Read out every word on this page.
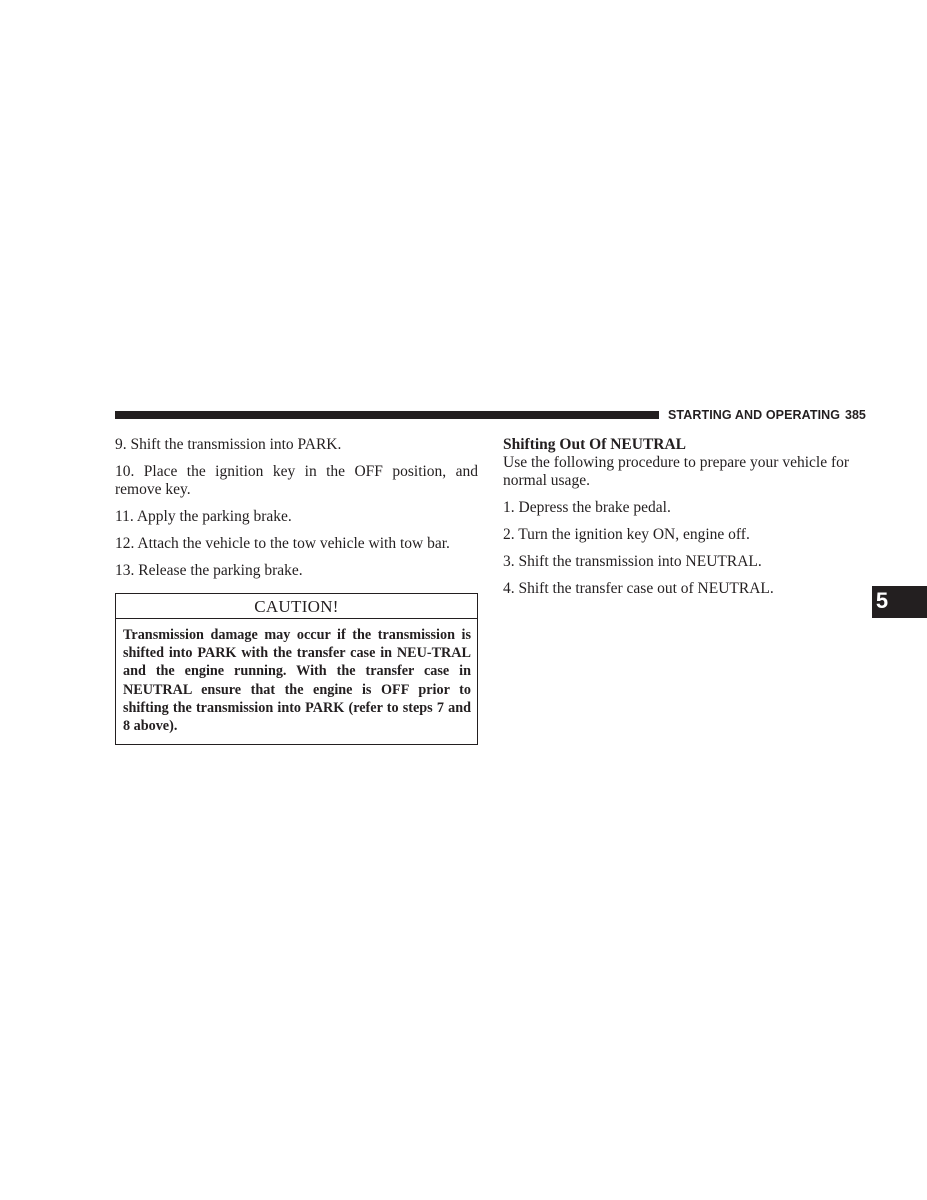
STARTING AND OPERATING 385

9. Shift the transmission into PARK.

10. Place the ignition key in the OFF position, and remove key.

11. Apply the parking brake.

12. Attach the vehicle to the tow vehicle with tow bar.

13. Release the parking brake.

CAUTION!
Transmission damage may occur if the transmission is shifted into PARK with the transfer case in NEU-TRAL and the engine running. With the transfer case in NEUTRAL ensure that the engine is OFF prior to shifting the transmission into PARK (refer to steps 7 and 8 above).

Shifting Out Of NEUTRAL

Use the following procedure to prepare your vehicle for normal usage.

1. Depress the brake pedal.

2. Turn the ignition key ON, engine off.

3. Shift the transmission into NEUTRAL.

4. Shift the transfer case out of NEUTRAL.	5
